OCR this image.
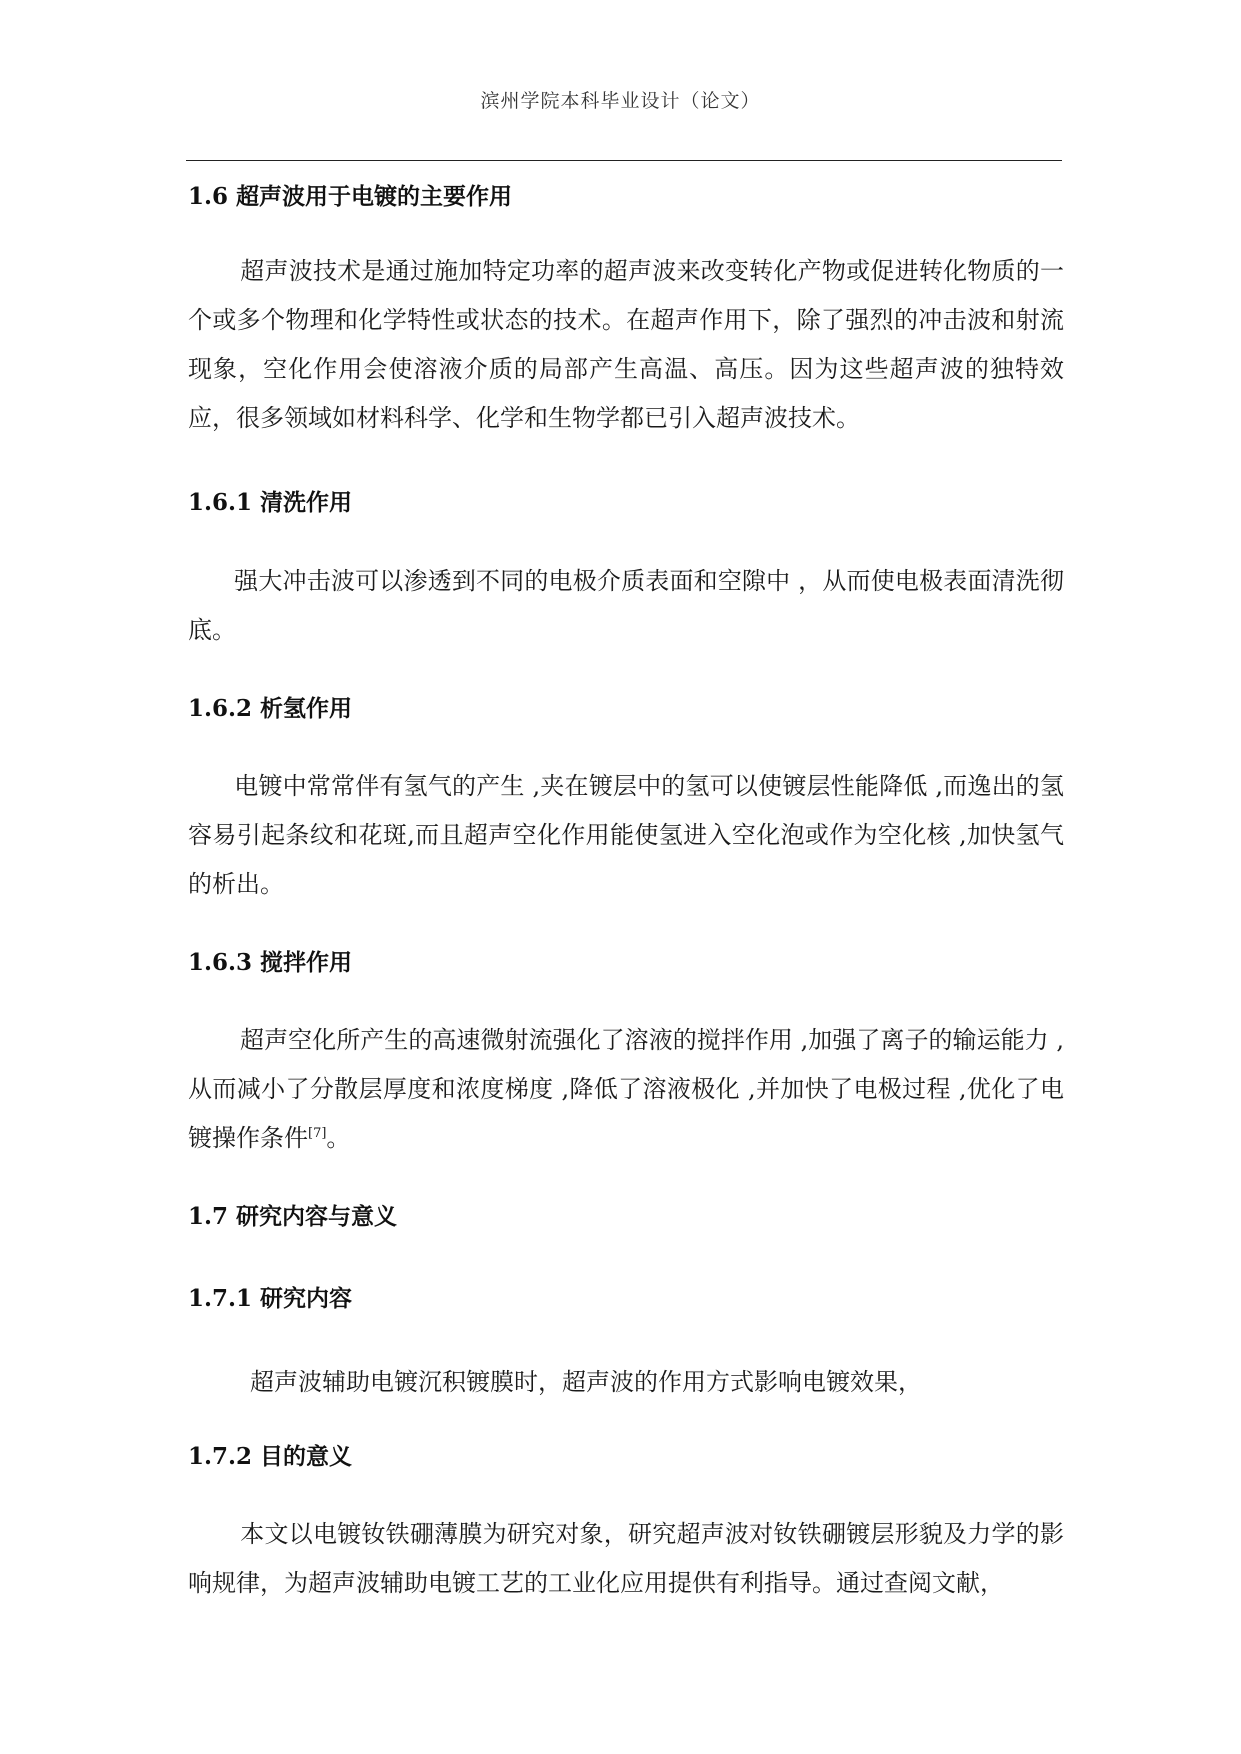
滨州学院本科毕业设计（论文）
1.6 超声波用于电镀的主要作用
超声波技术是通过施加特定功率的超声波来改变转化产物或促进转化物质的一个或多个物理和化学特性或状态的技术。在超声作用下，除了强烈的冲击波和射流现象，空化作用会使溶液介质的局部产生高温、高压。因为这些超声波的独特效应，很多领域如材料科学、化学和生物学都已引入超声波技术。
1.6.1 清洗作用
强大冲击波可以渗透到不同的电极介质表面和空隙中 ，从而使电极表面清洗彻底。
1.6.2 析氢作用
电镀中常常伴有氢气的产生 ,夹在镀层中的氢可以使镀层性能降低 ,而逸出的氢容易引起条纹和花斑,而且超声空化作用能使氢进入空化泡或作为空化核 ,加快氢气的析出。
1.6.3 搅拌作用
超声空化所产生的高速微射流强化了溶液的搅拌作用 ,加强了离子的输运能力 ,从而减小了分散层厚度和浓度梯度 ,降低了溶液极化 ,并加快了电极过程 ,优化了电镀操作条件[7]。
1.7 研究内容与意义
1.7.1 研究内容
超声波辅助电镀沉积镀膜时，超声波的作用方式影响电镀效果，
1.7.2 目的意义
本文以电镀钕铁硼薄膜为研究对象，研究超声波对钕铁硼镀层形貌及力学的影响规律，为超声波辅助电镀工艺的工业化应用提供有利指导。通过查阅文献，
